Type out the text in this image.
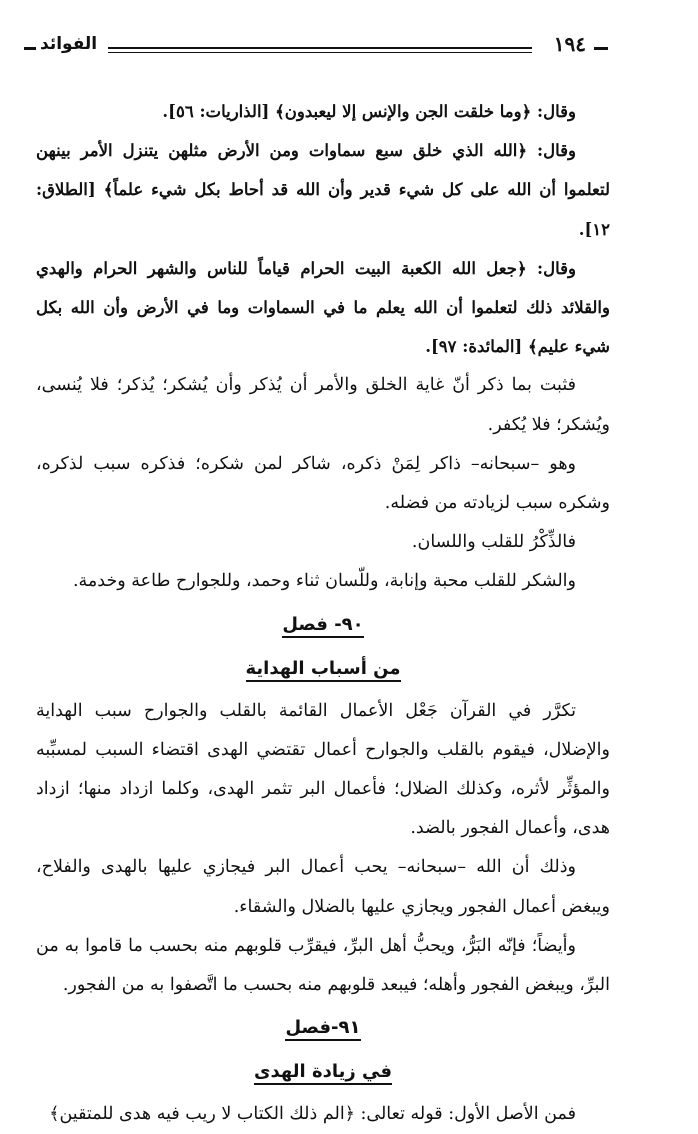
الفوائد	١٩٤

وقال: ﴿وما خلقت الجن والإنس إلا ليعبدون﴾ [الذاريات: ٥٦].

وقال: ﴿الله الذي خلق سبع سماوات ومن الأرض مثلهن يتنزل الأمر بينهن لتعلموا أن الله على كل شيء قدير وأن الله قد أحاط بكل شيء علماً﴾ [الطلاق: ١٢].

وقال: ﴿جعل الله الكعبة البيت الحرام قياماً للناس والشهر الحرام والهدي والقلائد ذلك لتعلموا أن الله يعلم ما في السماوات وما في الأرض وأن الله بكل شيء عليم﴾ [المائدة: ٩٧].

فثبت بما ذكر أنّ غاية الخلق والأمر أن يُذكر وأن يُشكر؛ يُذكر؛ فلا يُنسى، ويُشكر؛ فلا يُكفر.

وهو –سبحانه– ذاكر لِمَنْ ذكره، شاكر لمن شكره؛ فذكره سبب لذكره، وشكره سبب لزيادته من فضله.

فالذِّكْرُ للقلب واللسان.

والشكر للقلب محبة وإنابة، وللّسان ثناء وحمد، وللجوارح طاعة وخدمة.

٩٠- فصل
من أسباب الهداية

تكرَّر في القرآن جَعْل الأعمال القائمة بالقلب والجوارح سبب الهداية والإضلال، فيقوم بالقلب والجوارح أعمال تقتضي الهدى اقتضاء السبب لمسبِّبه والمؤثِّر لأثره، وكذلك الضلال؛ فأعمال البر تثمر الهدى، وكلما ازداد منها؛ ازداد هدى، وأعمال الفجور بالضد.

وذلك أن الله –سبحانه– يحب أعمال البر فيجازي عليها بالهدى والفلاح، ويبغض أعمال الفجور ويجازي عليها بالضلال والشقاء.

وأيضاً؛ فإنّه البَرُّ، ويحبُّ أهل البرِّ، فيقرِّب قلوبهم منه بحسب ما قاموا به من البرِّ، ويبغض الفجور وأهله؛ فيبعد قلوبهم منه بحسب ما اتَّصفوا به من الفجور.

٩١-فصل
في زيادة الهدى

فمن الأصل الأول: قوله تعالى: ﴿الم ذلك الكتاب لا ريب فيه هدى للمتقين﴾
